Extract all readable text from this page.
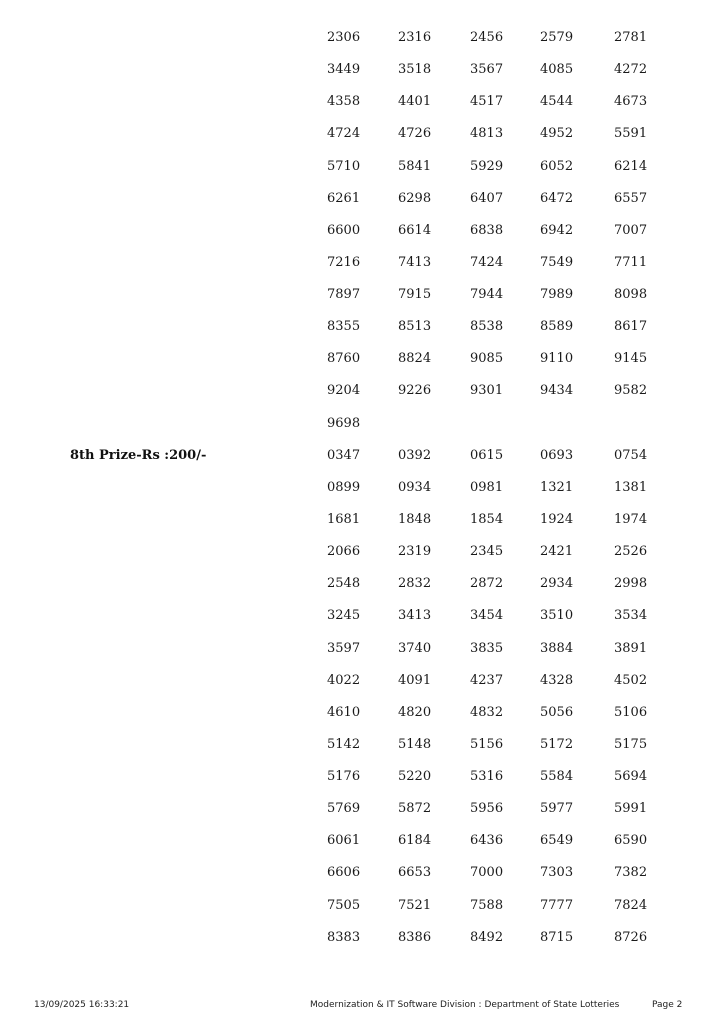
2306	2316	2456	2579	2781
3449	3518	3567	4085	4272
4358	4401	4517	4544	4673
4724	4726	4813	4952	5591
5710	5841	5929	6052	6214
6261	6298	6407	6472	6557
6600	6614	6838	6942	7007
7216	7413	7424	7549	7711
7897	7915	7944	7989	8098
8355	8513	8538	8589	8617
8760	8824	9085	9110	9145
9204	9226	9301	9434	9582
9698
8th Prize-Rs :200/-	0347	0392	0615	0693	0754
0899	0934	0981	1321	1381
1681	1848	1854	1924	1974
2066	2319	2345	2421	2526
2548	2832	2872	2934	2998
3245	3413	3454	3510	3534
3597	3740	3835	3884	3891
4022	4091	4237	4328	4502
4610	4820	4832	5056	5106
5142	5148	5156	5172	5175
5176	5220	5316	5584	5694
5769	5872	5956	5977	5991
6061	6184	6436	6549	6590
6606	6653	7000	7303	7382
7505	7521	7588	7777	7824
8383	8386	8492	8715	8726
13/09/2025 16:33:21	Modernization & IT Software Division : Department of State Lotteries	Page 2
